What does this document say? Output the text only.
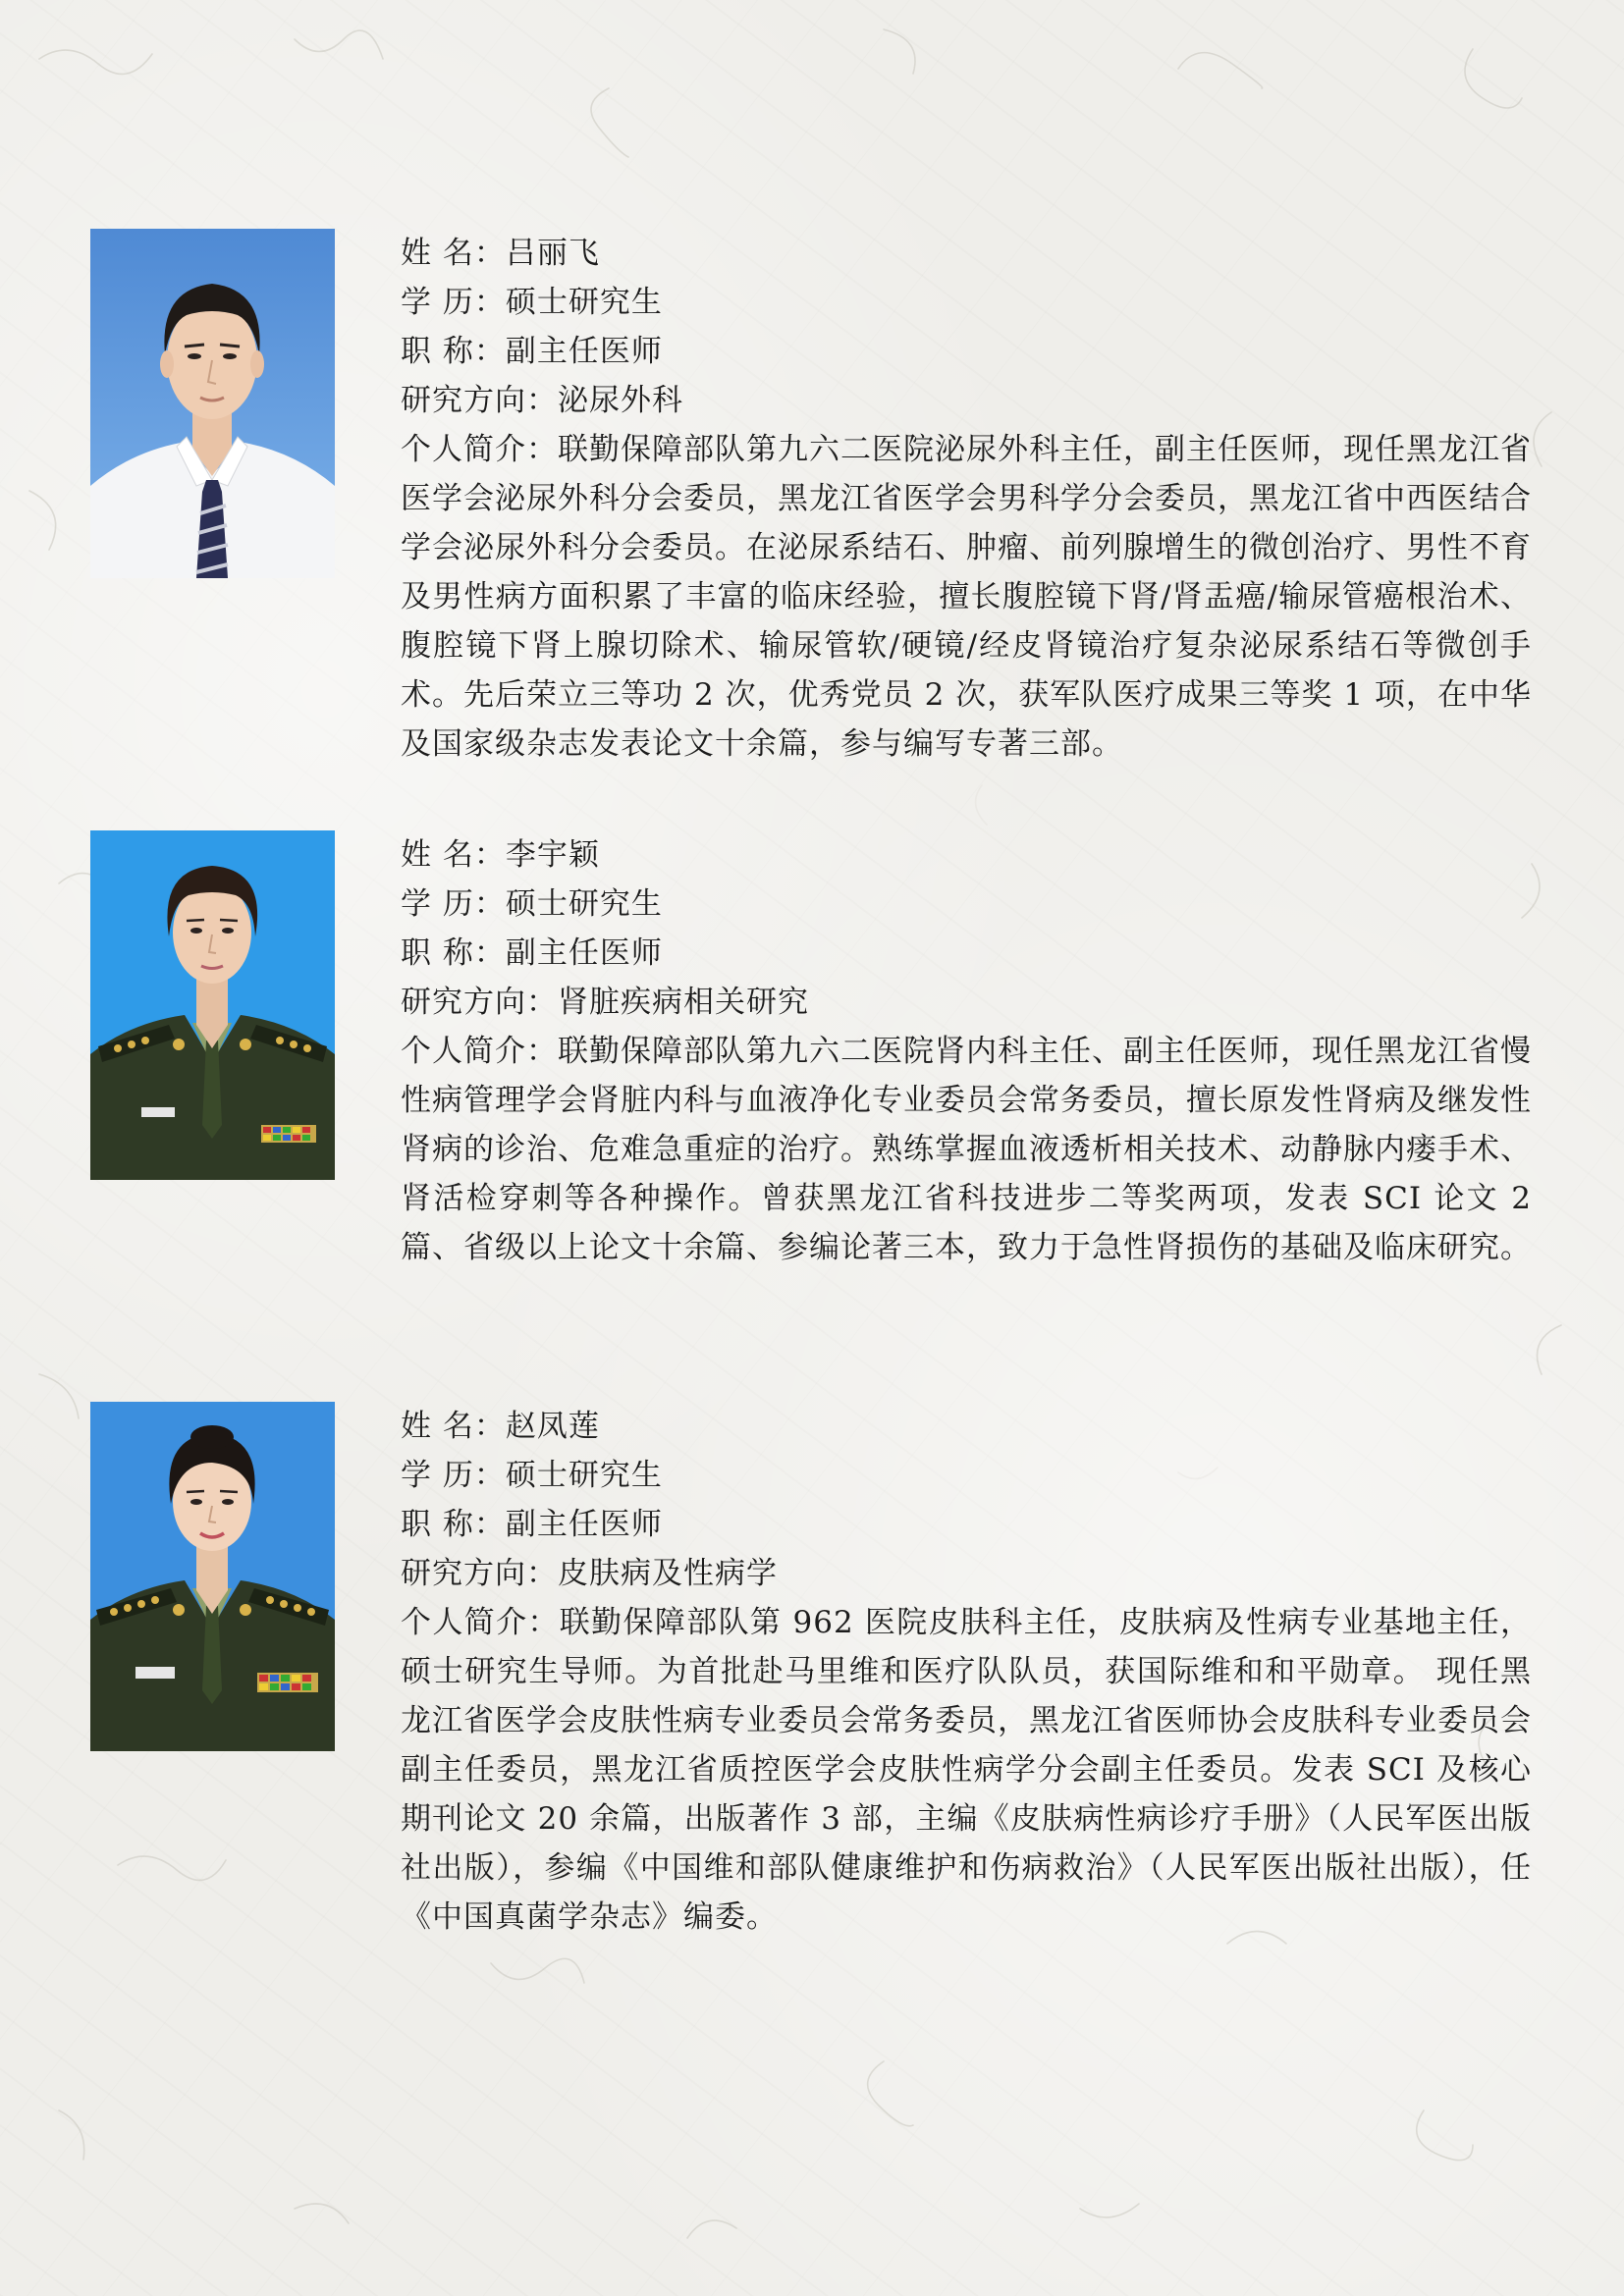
姓 名：吕丽飞
学 历：硕士研究生
职 称：副主任医师
研究方向：泌尿外科
个人简介：联勤保障部队第九六二医院泌尿外科主任，副主任医师，现任黑龙江省医学会泌尿外科分会委员，黑龙江省医学会男科学分会委员，黑龙江省中西医结合学会泌尿外科分会委员。在泌尿系结石、肿瘤、前列腺增生的微创治疗、男性不育及男性病方面积累了丰富的临床经验，擅长腹腔镜下肾/肾盂癌/输尿管癌根治术、腹腔镜下肾上腺切除术、输尿管软/硬镜/经皮肾镜治疗复杂泌尿系结石等微创手术。先后荣立三等功 2 次，优秀党员 2 次，获军队医疗成果三等奖 1 项，在中华及国家级杂志发表论文十余篇，参与编写专著三部。
姓 名：李宇颖
学 历：硕士研究生
职 称：副主任医师
研究方向：肾脏疾病相关研究
个人简介：联勤保障部队第九六二医院肾内科主任、副主任医师，现任黑龙江省慢性病管理学会肾脏内科与血液净化专业委员会常务委员，擅长原发性肾病及继发性肾病的诊治、危难急重症的治疗。熟练掌握血液透析相关技术、动静脉内瘘手术、肾活检穿刺等各种操作。曾获黑龙江省科技进步二等奖两项，发表 SCI 论文 2 篇、省级以上论文十余篇、参编论著三本，致力于急性肾损伤的基础及临床研究。
姓 名：赵凤莲
学 历：硕士研究生
职 称：副主任医师
研究方向：皮肤病及性病学
个人简介：联勤保障部队第 962 医院皮肤科主任，皮肤病及性病专业基地主任，硕士研究生导师。为首批赴马里维和医疗队队员，获国际维和和平勋章。 现任黑龙江省医学会皮肤性病专业委员会常务委员，黑龙江省医师协会皮肤科专业委员会副主任委员，黑龙江省质控医学会皮肤性病学分会副主任委员。发表 SCI 及核心期刊论文 20 余篇，出版著作 3 部，主编《皮肤病性病诊疗手册》（人民军医出版社出版），参编《中国维和部队健康维护和伤病救治》（人民军医出版社出版），任《中国真菌学杂志》编委。
